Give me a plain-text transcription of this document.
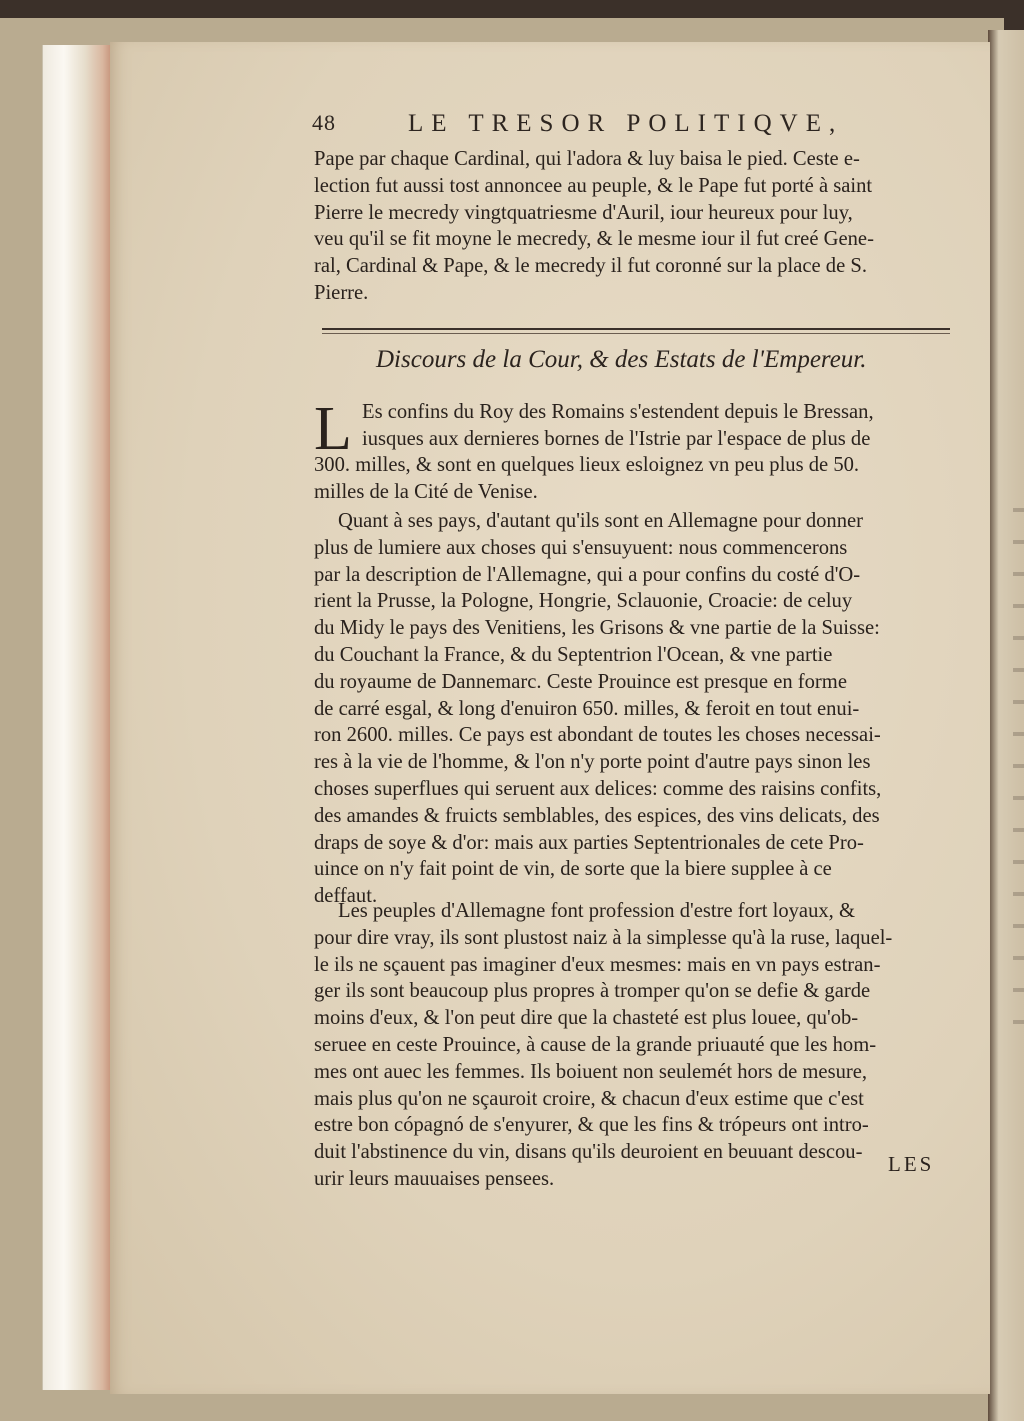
48	LE TRESOR POLITIQVE,
Pape par chaque Cardinal, qui l'adora & luy baisa le pied. Ceste e-
lection fut aussi tost annoncee au peuple, & le Pape fut porté à saint
Pierre le mecredy vingtquatriesme d'Auril, iour heureux pour luy,
veu qu'il se fit moyne le mecredy, & le mesme iour il fut creé Gene-
ral, Cardinal & Pape, & le mecredy il fut coronné sur la place de S.
Pierre.
Discours de la Cour, & des Estats de l'Empereur.
L Es confins du Roy des Romains s'estendent depuis le Bressan,
iusques aux dernieres bornes de l'Istrie par l'espace de plus de
300. milles, & sont en quelques lieux esloignez vn peu plus de 50.
milles de la Cité de Venise.
Quant à ses pays, d'autant qu'ils sont en Allemagne pour donner
plus de lumiere aux choses qui s'ensuyuent: nous commencerons
par la description de l'Allemagne, qui a pour confins du costé d'O-
rient la Prusse, la Pologne, Hongrie, Sclauonie, Croacie: de celuy
du Midy le pays des Venitiens, les Grisons & vne partie de la Suisse:
du Couchant la France, & du Septentrion l'Ocean, & vne partie
du royaume de Dannemarc. Ceste Prouince est presque en forme
de carré esgal, & long d'enuiron 650. milles, & feroit en tout enui-
ron 2600. milles. Ce pays est abondant de toutes les choses necessai-
res à la vie de l'homme, & l'on n'y porte point d'autre pays sinon les
choses superflues qui seruent aux delices: comme des raisins confits,
des amandes & fruicts semblables, des espices, des vins delicats, des
draps de soye & d'or: mais aux parties Septentrionales de cete Pro-
uince on n'y fait point de vin, de sorte que la biere supplee à ce
deffaut.
Les peuples d'Allemagne font profession d'estre fort loyaux, &
pour dire vray, ils sont plustost naiz à la simplesse qu'à la ruse, laquel-
le ils ne sçauent pas imaginer d'eux mesmes: mais en vn pays estran-
ger ils sont beaucoup plus propres à tromper qu'on se defie & garde
moins d'eux, & l'on peut dire que la chasteté est plus louee, qu'ob-
seruee en ceste Prouince, à cause de la grande priuauté que les hom-
mes ont auec les femmes. Ils boiuent non seulemét hors de mesure,
mais plus qu'on ne sçauroit croire, & chacun d'eux estime que c'est
estre bon cópagnó de s'enyurer, & que les fins & trópeurs ont intro-
duit l'abstinence du vin, disans qu'ils deuroient en beuuant descou-
urir leurs mauuaises pensees.
LES
